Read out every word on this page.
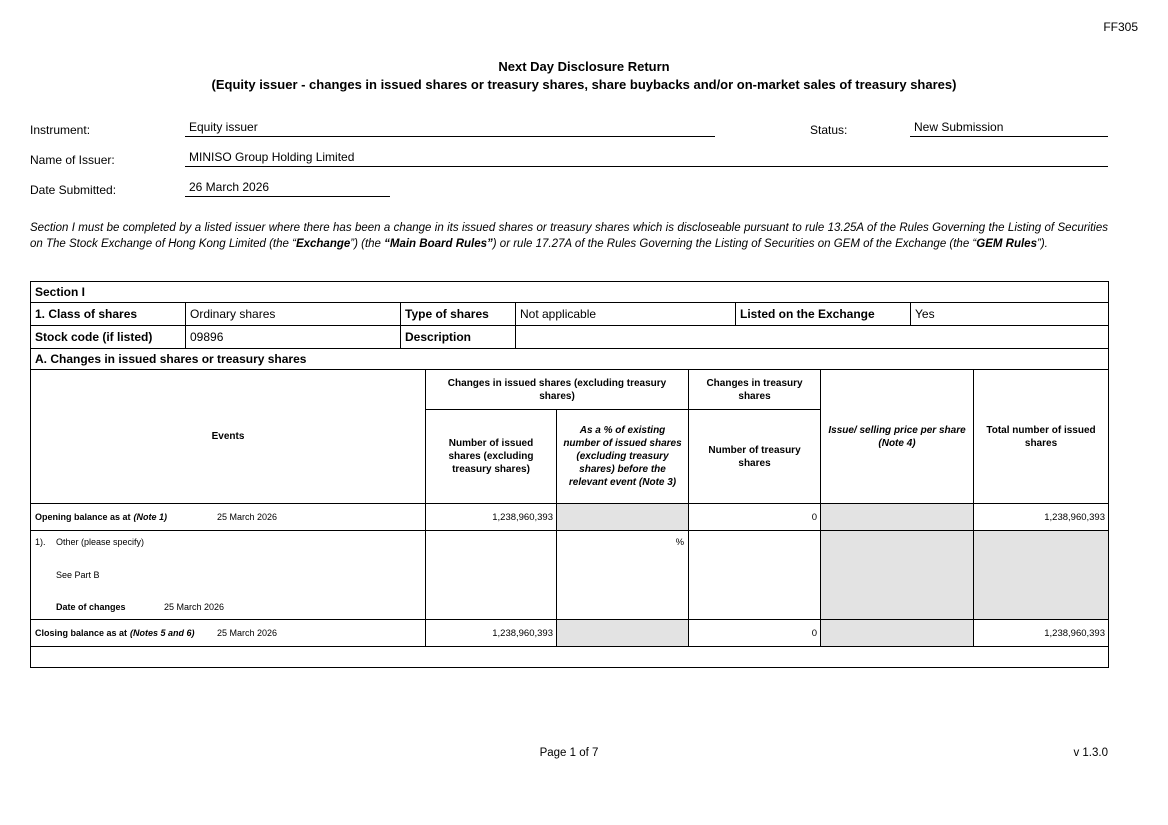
FF305
Next Day Disclosure Return
(Equity issuer - changes in issued shares or treasury shares, share buybacks and/or on-market sales of treasury shares)
Instrument:	Equity issuer	Status:	New Submission
Name of Issuer:	MINISO Group Holding Limited
Date Submitted:	26 March 2026

Section I must be completed by a listed issuer where there has been a change in its issued shares or treasury shares which is discloseable pursuant to rule 13.25A of the Rules Governing the Listing of Securities on The Stock Exchange of Hong Kong Limited (the “Exchange”) (the “Main Board Rules”) or rule 17.27A of the Rules Governing the Listing of Securities on GEM of the Exchange (the “GEM Rules”).

Section I					
1. Class of shares	Ordinary shares	Type of shares	Not applicable	Listed on the Exchange	Yes
Stock code (if listed)	09896	Description			
A. Changes in issued shares or treasury shares					
Events	Changes in issued shares (excluding treasury shares)		Changes in treasury shares	Issue/ selling price per share (Note 4)	Total number of issued shares
	Number of issued shares (excluding treasury shares)	As a % of existing number of issued shares (excluding treasury shares) before the relevant event (Note 3)	Number of treasury shares		

Opening balance as at (Note 1) 25 March 2026	1,238,960,393		0		1,238,960,393

1). Other (please specify)
See Part B
Date of changes 25 March 2026		%			

Closing balance as at (Notes 5 and 6) 25 March 2026	1,238,960,393		0		1,238,960,393

Page 1 of 7	v 1.3.0
